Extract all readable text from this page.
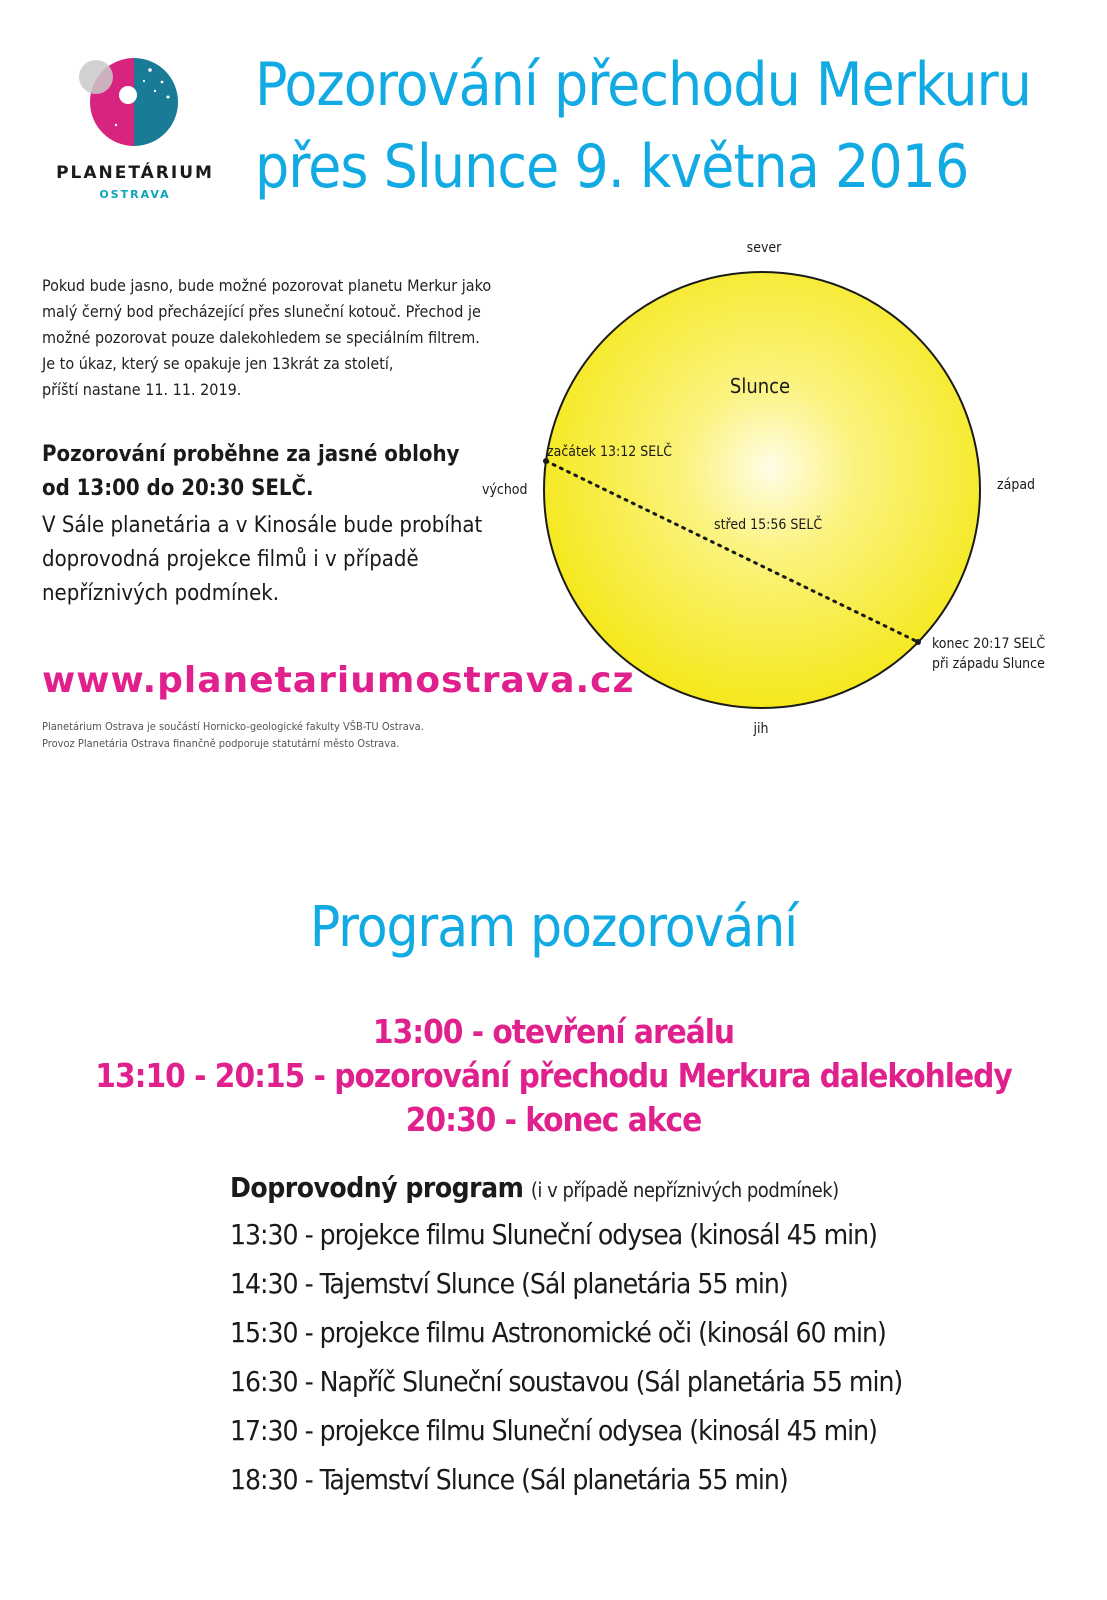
PLANETÁRIUM
OSTRAVA
Pozorování přechodu Merkuru
přes Slunce 9. května 2016

Pokud bude jasno, bude možné pozorovat planetu Merkur jako

malý černý bod přecházející přes sluneční kotouč. Přechod je

možné pozorovat pouze dalekohledem se speciálním filtrem.

Je to úkaz, který se opakuje jen 13krát za století,

příští nastane 11. 11. 2019.

Pozorování proběhne za jasné oblohy
od 13:00 do 20:30 SELČ.
V Sále planetária a v Kinosále bude probíhat
doprovodná projekce filmů i v případě
nepříznivých podmínek.
www.planetariumostrava.cz

Planetárium Ostrava je součástí Hornicko-geologické fakulty VŠB-TU Ostrava.

Provoz Planetária Ostrava finančně podporuje statutární město Ostrava.

sever
jih
východ	západ
Slunce
začátek 13:12 SELČ
střed 15:56 SELČ
konec 20:17 SELČ
při západu Slunce
Program pozorování
13:00 - otevření areálu
13:10 - 20:15 - pozorování přechodu Merkura dalekohledy
20:30 - konec akce
Doprovodný program (i v případě nepříznivých podmínek)
13:30 - projekce filmu Sluneční odysea (kinosál 45 min)
14:30 - Tajemství Slunce (Sál planetária 55 min)
15:30 - projekce filmu Astronomické oči (kinosál 60 min)
16:30 - Napříč Sluneční soustavou (Sál planetária 55 min)
17:30 - projekce filmu Sluneční odysea (kinosál 45 min)
18:30 - Tajemství Slunce (Sál planetária 55 min)
